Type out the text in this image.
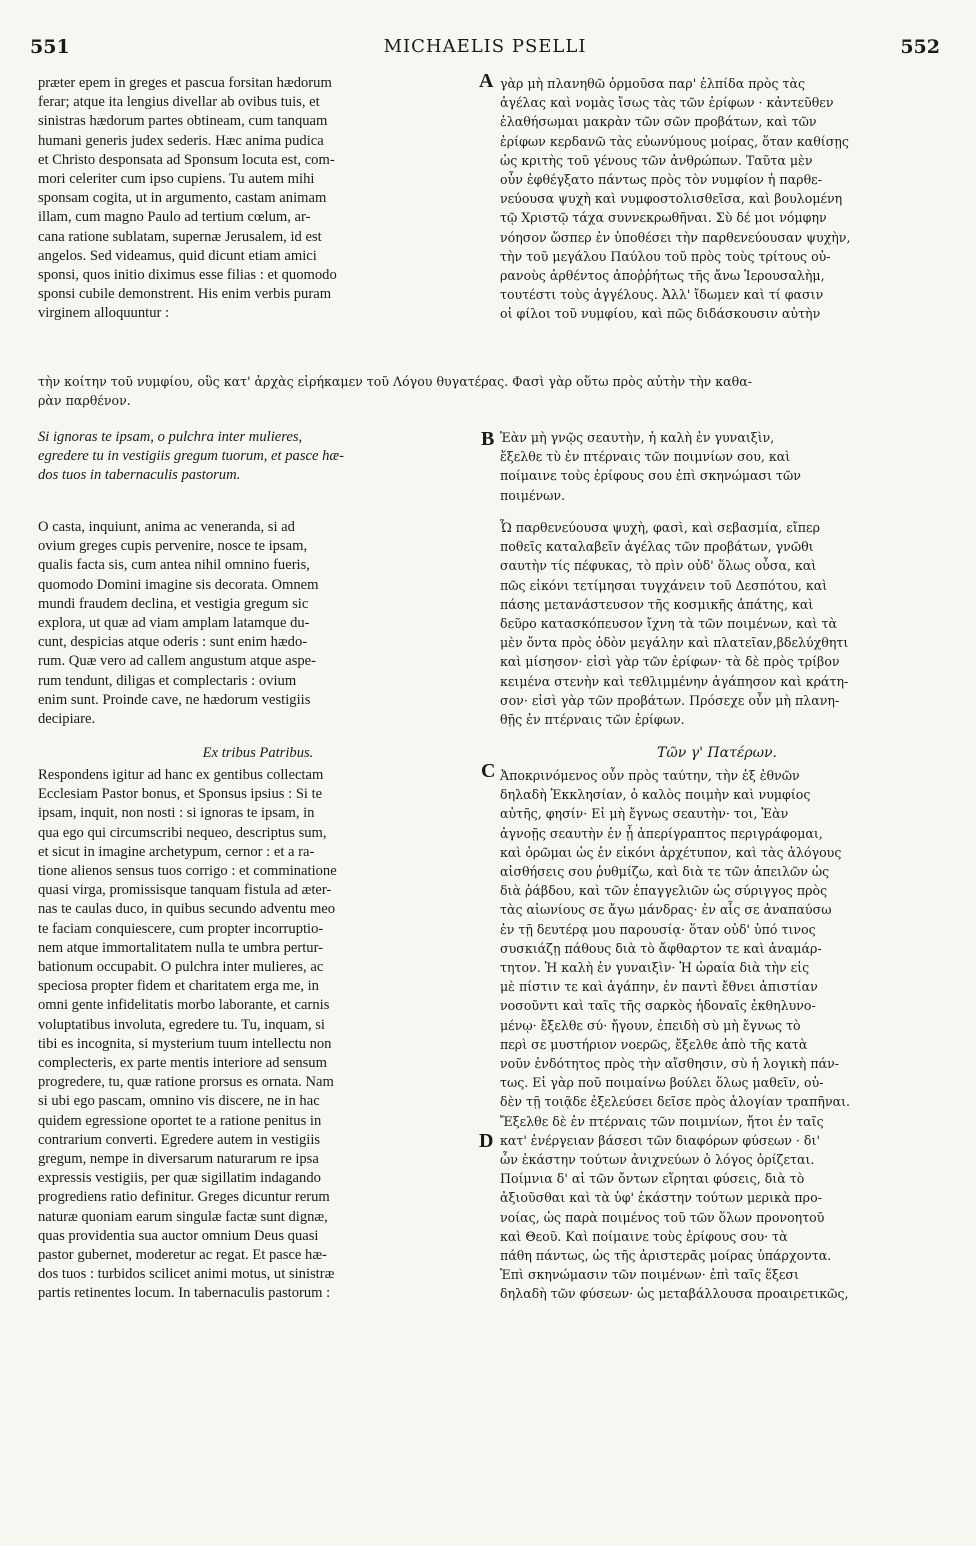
551	MICHAELIS PSELLI	552
A
B
C
D
præter epem in greges et pascua forsitan hædorum
ferar; atque ita lengius divellar ab ovibus tuis, et
sinistras hædorum partes obtineam, cum tanquam
humani generis judex sederis. Hæc anima pudica
et Christo desponsata ad Sponsum locuta est, com-
mori celeriter cum ipso cupiens. Tu autem mihi
sponsam cogita, ut in argumento, castam animam
illam, cum magno Paulo ad tertium cœlum, ar-
cana ratione sublatam, supernæ Jerusalem, id est
angelos. Sed videamus, quid dicunt etiam amici
sponsi, quos initio diximus esse filias : et quomodo
sponsi cubile demonstrent. His enim verbis puram
virginem alloquuntur :
γὰρ μὴ πλανηθῶ ὁρμοῦσα παρ' ἐλπίδα πρὸς τὰς
ἀγέλας καὶ νομὰς ἴσως τὰς τῶν ἐρίφων · κἀντεῦθεν
ἐλαθήσωμαι μακρὰν τῶν σῶν προβάτων, καὶ τῶν
ἐρίφων κερδανῶ τὰς εὐωνύμους μοίρας, ὅταν καθίσῃς
ὡς κριτὴς τοῦ γένους τῶν ἀνθρώπων. Ταῦτα μὲν
οὖν ἐφθέγξατο πάντως πρὸς τὸν νυμφίον ἡ παρθε-
νεύουσα ψυχὴ καὶ νυμφοστολισθεῖσα, καὶ βουλομένη
τῷ Χριστῷ τάχα συννεκρωθῆναι. Σὺ δέ μοι νόμφην
νόησον ὥσπερ ἐν ὑποθέσει τὴν παρθενεύουσαν ψυχὴν,
τὴν τοῦ μεγάλου Παύλου τοῦ πρὸς τοὺς τρίτους οὐ-
ρανοὺς ἀρθέντος ἀποῤῥήτως τῆς ἄνω Ἱερουσαλὴμ,
τουτέστι τοὺς ἀγγέλους. Ἀλλ' ἴδωμεν καὶ τί φασιν
οἱ φίλοι τοῦ νυμφίου, καὶ πῶς διδάσκουσιν αὐτὴν
τὴν κοίτην τοῦ νυμφίου, οὓς κατ' ἀρχὰς εἰρήκαμεν τοῦ Λόγου θυγατέρας. Φασὶ γὰρ οὕτω πρὸς αὐτὴν τὴν καθα-
ρὰν παρθένον.
Si ignoras te ipsam, o pulchra inter mulieres,
egredere tu in vestigiis gregum tuorum, et pasce hæ-
dos tuos in tabernaculis pastorum.
Ἐὰν μὴ γνῷς σεαυτὴν, ἡ καλὴ ἐν γυναιξὶν,
ἔξελθε τὺ ἐν πτέρναις τῶν ποιμνίων σου, καὶ
ποίμαινε τοὺς ἐρίφους σου ἐπὶ σκηνώμασι τῶν
ποιμένων.
O casta, inquiunt, anima ac veneranda, si ad
ovium greges cupis pervenire, nosce te ipsam,
qualis facta sis, cum antea nihil omnino fueris,
quomodo Domini imagine sis decorata. Omnem
mundi fraudem declina, et vestigia gregum sic
explora, ut quæ ad viam amplam latamque du-
cunt, despicias atque oderis : sunt enim hædo-
rum. Quæ vero ad callem angustum atque aspe-
rum tendunt, diligas et complectaris : ovium
enim sunt. Proinde cave, ne hædorum vestigiis
decipiare.
Ὦ παρθενεύουσα ψυχὴ, φασὶ, καὶ σεβασμία, εἴπερ
ποθεῖς καταλαβεῖν ἀγέλας τῶν προβάτων, γνῶθι
σαυτὴν τίς πέφυκας, τὸ πρὶν οὐδ' ὅλως οὖσα, καὶ
πῶς εἰκόνι τετίμησαι τυγχάνειν τοῦ Δεσπότου, καὶ
πάσης μετανάστευσον τῆς κοσμικῆς ἀπάτης, καὶ
δεῦρο κατασκόπευσον ἴχνη τὰ τῶν ποιμένων, καὶ τὰ
μὲν ὄντα πρὸς ὁδὸν μεγάλην καὶ πλατεῖαν,βδελύχθητι
καὶ μίσησον· εἰσὶ γὰρ τῶν ἐρίφων· τὰ δὲ πρὸς τρίβον
κειμένα στενὴν καὶ τεθλιμμένην ἀγάπησον καὶ κράτη-
σον· εἰσὶ γὰρ τῶν προβάτων. Πρόσεχε οὖν μὴ πλανη-
θῇς ἐν πτέρναις τῶν ἐρίφων.
Ex tribus Patribus.	Τῶν γ' Πατέρων.
Respondens igitur ad hanc ex gentibus collectam
Ecclesiam Pastor bonus, et Sponsus ipsius : Si te
ipsam, inquit, non nosti : si ignoras te ipsam, in
qua ego qui circumscribi nequeo, descriptus sum,
et sicut in imagine archetypum, cernor : et a ra-
tione alienos sensus tuos corrigo : et comminatione
quasi virga, promissisque tanquam fistula ad æter-
nas te caulas duco, in quibus secundo adventu meo
te faciam conquiescere, cum propter incorruptio-
nem atque immortalitatem nulla te umbra pertur-
bationum occupabit. O pulchra inter mulieres, ac
speciosa propter fidem et charitatem erga me, in
omni gente infidelitatis morbo laborante, et carnis
voluptatibus involuta, egredere tu. Tu, inquam, si
tibi es incognita, si mysterium tuum intellectu non
complecteris, ex parte mentis interiore ad sensum
progredere, tu, quæ ratione prorsus es ornata. Nam
si ubi ego pascam, omnino vis discere, ne in hac
quidem egressione oportet te a ratione penitus in
contrarium converti. Egredere autem in vestigiis
gregum, nempe in diversarum naturarum re ipsa
expressis vestigiis, per quæ sigillatim indagando
progrediens ratio definitur. Greges dicuntur rerum
naturæ quoniam earum singulæ factæ sunt dignæ,
quas providentia sua auctor omnium Deus quasi
pastor gubernet, moderetur ac regat. Et pasce hæ-
dos tuos : turbidos scilicet animi motus, ut sinistræ
partis retinentes locum. In tabernaculis pastorum :
Ἀποκρινόμενος οὖν πρὸς ταύτην, τὴν ἐξ ἐθνῶν
δηλαδὴ Ἐκκλησίαν, ὁ καλὸς ποιμὴν καὶ νυμφίος
αὐτῆς, φησίν· Εἰ μὴ ἔγνως σεαυτὴν· τοι, Ἐὰν
ἀγνοῇς σεαυτὴν ἐν ᾗ ἀπερίγραπτος περιγράφομαι,
καὶ ὁρῶμαι ὡς ἐν εἰκόνι ἀρχέτυπον, καὶ τὰς ἀλόγους
αἰσθήσεις σου ῥυθμίζω, καὶ διὰ τε τῶν ἀπειλῶν ὡς
διὰ ῥάβδου, καὶ τῶν ἐπαγγελιῶν ὡς σύριγγος πρὸς
τὰς αἰωνίους σε ἄγω μάνδρας· ἐν αἷς σε ἀναπαύσω
ἐν τῇ δευτέρᾳ μου παρουσίᾳ· ὅταν οὐδ' ὑπό τινος
συσκιάζῃ πάθους διὰ τὸ ἄφθαρτον τε καὶ ἀναμάρ-
τητον. Ἡ καλὴ ἐν γυναιξὶν· Ἡ ὡραία διὰ τὴν εἰς
μὲ πίστιν τε καὶ ἀγάπην, ἐν παντὶ ἔθνει ἀπιστίαν
νοσοῦντι καὶ ταῖς τῆς σαρκὸς ἡδοναῖς ἐκθηλυνο-
μένῳ· ἔξελθε σύ· ἤγουν, ἐπειδὴ σὺ μὴ ἔγνως τὸ
περὶ σε μυστήριον νοερῶς, ἔξελθε ἀπὸ τῆς κατὰ
νοῦν ἐνδότητος πρὸς τὴν αἴσθησιν, σὺ ἡ λογικὴ πάν-
τως. Εἰ γὰρ ποῦ ποιμαίνω βούλει ὅλως μαθεῖν, οὐ-
δὲν τῇ τοιᾷδε ἐξελεύσει δεῖσε πρὸς ἀλογίαν τραπῆναι.
Ἔξελθε δὲ ἐν πτέρναις τῶν ποιμνίων, ἤτοι ἐν ταῖς
κατ' ἐνέργειαν βάσεσι τῶν διαφόρων φύσεων · δι'
ὧν ἑκάστην τούτων ἀνιχνεύων ὁ λόγος ὁρίζεται.
Ποίμνια δ' αἱ τῶν ὄντων εἴρηται φύσεις, διὰ τὸ
ἀξιοῦσθαι καὶ τὰ ὑφ' ἑκάστην τούτων μερικὰ προ-
νοίας, ὡς παρὰ ποιμένος τοῦ τῶν ὅλων προνοητοῦ
καὶ Θεοῦ. Καὶ ποίμαινε τοὺς ἐρίφους σου· τὰ
πάθη πάντως, ὡς τῆς ἀριστερᾶς μοίρας ὑπάρχοντα.
Ἐπὶ σκηνώμασιν τῶν ποιμένων· ἐπὶ ταῖς ἕξεσι
δηλαδὴ τῶν φύσεων· ὡς μεταβάλλουσα προαιρετικῶς,
